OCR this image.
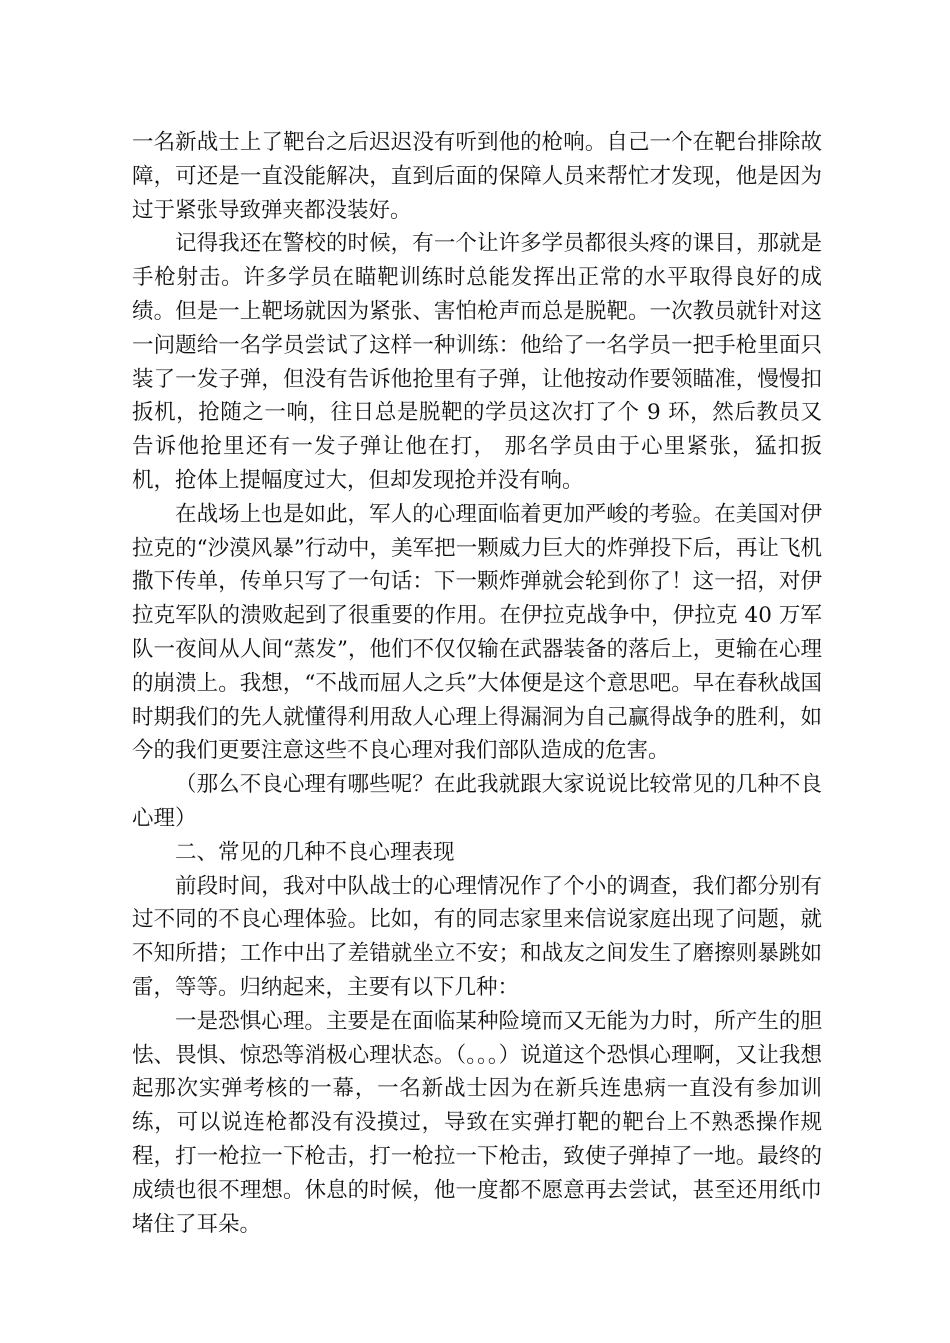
一名新战士上了靶台之后迟迟没有听到他的枪响。自己一个在靶台排除故障，可还是一直没能解决，直到后面的保障人员来帮忙才发现，他是因为过于紧张导致弹夹都没装好。

记得我还在警校的时候，有一个让许多学员都很头疼的课目，那就是手枪射击。许多学员在瞄靶训练时总能发挥出正常的水平取得良好的成绩。但是一上靶场就因为紧张、害怕枪声而总是脱靶。一次教员就针对这一问题给一名学员尝试了这样一种训练：他给了一名学员一把手枪里面只装了一发子弹，但没有告诉他抢里有子弹，让他按动作要领瞄准，慢慢扣扳机，抢随之一响，往日总是脱靶的学员这次打了个 9 环，然后教员又告诉他抢里还有一发子弹让他在打， 那名学员由于心里紧张，猛扣扳机，抢体上提幅度过大，但却发现抢并没有响。

在战场上也是如此，军人的心理面临着更加严峻的考验。在美国对伊拉克的“沙漠风暴”行动中，美军把一颗威力巨大的炸弹投下后，再让飞机撒下传单，传单只写了一句话：下一颗炸弹就会轮到你了！这一招，对伊拉克军队的溃败起到了很重要的作用。在伊拉克战争中，伊拉克 40 万军队一夜间从人间“蒸发”，他们不仅仅输在武器装备的落后上，更输在心理的崩溃上。我想，“不战而屈人之兵”大体便是这个意思吧。早在春秋战国时期我们的先人就懂得利用敌人心理上得漏洞为自己赢得战争的胜利，如今的我们更要注意这些不良心理对我们部队造成的危害。

（那么不良心理有哪些呢？在此我就跟大家说说比较常见的几种不良心理）

二、常见的几种不良心理表现

前段时间，我对中队战士的心理情况作了个小的调查，我们都分别有过不同的不良心理体验。比如，有的同志家里来信说家庭出现了问题，就不知所措；工作中出了差错就坐立不安；和战友之间发生了磨擦则暴跳如雷，等等。归纳起来，主要有以下几种：

一是恐惧心理。主要是在面临某种险境而又无能为力时，所产生的胆怯、畏惧、惊恐等消极心理状态。（。。。）说道这个恐惧心理啊，又让我想起那次实弹考核的一幕，一名新战士因为在新兵连患病一直没有参加训练，可以说连枪都没有没摸过，导致在实弹打靶的靶台上不熟悉操作规程，打一枪拉一下枪击，打一枪拉一下枪击，致使子弹掉了一地。最终的成绩也很不理想。休息的时候，他一度都不愿意再去尝试，甚至还用纸巾堵住了耳朵。
